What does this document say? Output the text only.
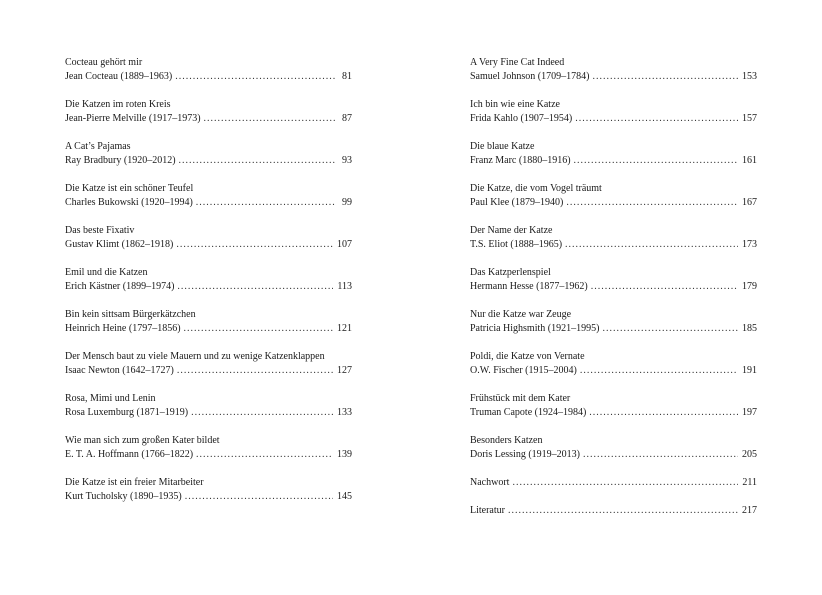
Cocteau gehört mir
Jean Cocteau (1889–1963) .....	81
Die Katzen im roten Kreis
Jean-Pierre Melville (1917–1973) .....	87
A Cat’s Pajamas
Ray Bradbury (1920–2012) .....	93
Die Katze ist ein schöner Teufel
Charles Bukowski (1920–1994) .....	99
Das beste Fixativ
Gustav Klimt (1862–1918) .....	107
Emil und die Katzen
Erich Kästner (1899–1974) .....	113
Bin kein sittsam Bürgerkätzchen
Heinrich Heine (1797–1856) .....	121
Der Mensch baut zu viele Mauern und zu wenige Katzenklappen
Isaac Newton (1642–1727) .....	127
Rosa, Mimi und Lenin
Rosa Luxemburg (1871–1919) .....	133
Wie man sich zum großen Kater bildet
E. T. A. Hoffmann (1766–1822) .....	139
Die Katze ist ein freier Mitarbeiter
Kurt Tucholsky (1890–1935) .....	145
A Very Fine Cat Indeed
Samuel Johnson (1709–1784) .....	153
Ich bin wie eine Katze
Frida Kahlo (1907–1954) .....	157
Die blaue Katze
Franz Marc (1880–1916) .....	161
Die Katze, die vom Vogel träumt
Paul Klee (1879–1940) .....	167
Der Name der Katze
T.S. Eliot (1888–1965) .....	173
Das Katzperlenspiel
Hermann Hesse (1877–1962) .....	179
Nur die Katze war Zeuge
Patricia Highsmith (1921–1995) .....	185
Poldi, die Katze von Vernate
O.W. Fischer (1915–2004) .....	191
Frühstück mit dem Kater
Truman Capote (1924–1984) .....	197
Besonders Katzen
Doris Lessing (1919–2013) .....	205
Nachwort .....	211
Literatur .....	217
